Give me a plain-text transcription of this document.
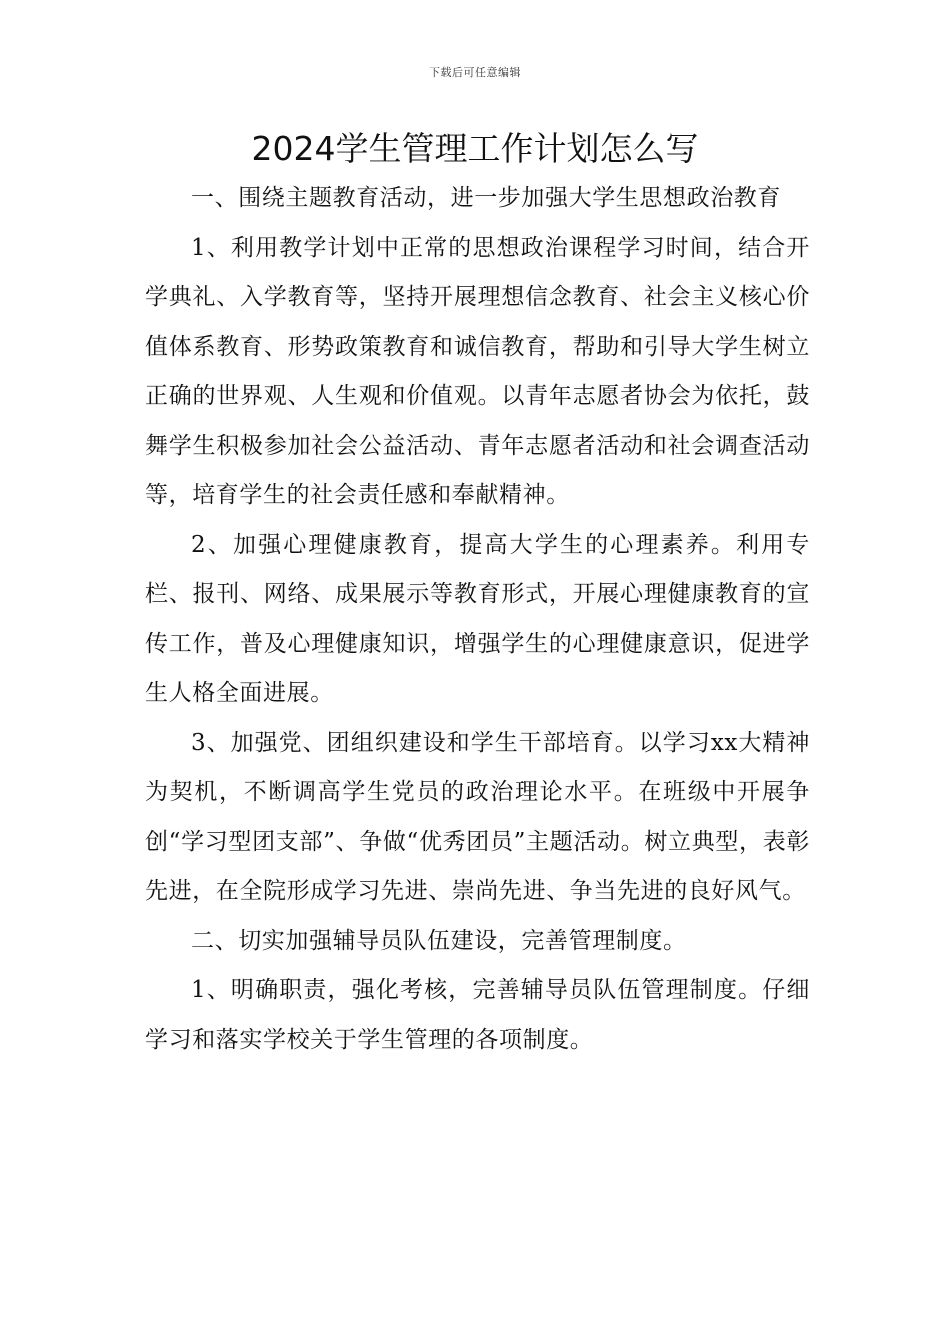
下载后可任意编辑
2024学生管理工作计划怎么写

一、围绕主题教育活动，进一步加强大学生思想政治教育

1、利用教学计划中正常的思想政治课程学习时间，结合开学典礼、入学教育等，坚持开展理想信念教育、社会主义核心价值体系教育、形势政策教育和诚信教育，帮助和引导大学生树立正确的世界观、人生观和价值观。以青年志愿者协会为依托，鼓舞学生积极参加社会公益活动、青年志愿者活动和社会调查活动等，培育学生的社会责任感和奉献精神。

2、加强心理健康教育，提高大学生的心理素养。利用专栏、报刊、网络、成果展示等教育形式，开展心理健康教育的宣传工作，普及心理健康知识，增强学生的心理健康意识，促进学生人格全面进展。

3、加强党、团组织建设和学生干部培育。以学习xx大精神为契机，不断调高学生党员的政治理论水平。在班级中开展争创“学习型团支部”、争做“优秀团员”主题活动。树立典型，表彰先进，在全院形成学习先进、崇尚先进、争当先进的良好风气。

二、切实加强辅导员队伍建设，完善管理制度。

1、明确职责，强化考核，完善辅导员队伍管理制度。仔细学习和落实学校关于学生管理的各项制度。
